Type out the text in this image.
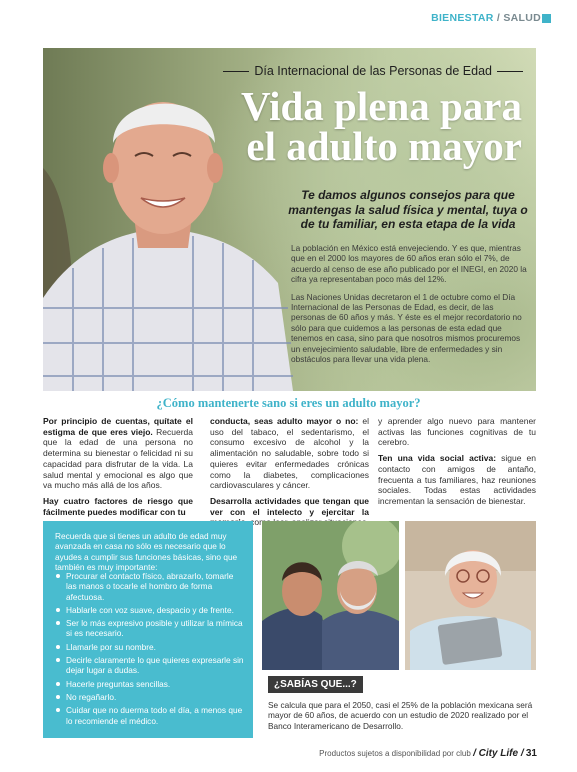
BIENESTAR / SALUD
Día Internacional de las Personas de Edad
Vida plena para
el adulto mayor
Te damos algunos consejos para que mantengas la salud física y mental, tuya o de tu familiar, en esta etapa de la vida

La población en México está envejeciendo. Y es que, mientras que en el 2000 los mayores de 60 años eran sólo el 7%, de acuerdo al censo de ese año publicado por el INEGI, en 2020 la cifra ya representaban poco más del 12%.

Las Naciones Unidas decretaron el 1 de octubre como el Día Internacional de las Personas de Edad, es decir, de las personas de 60 años y más. Y éste es el mejor recordatorio no sólo para que cuidemos a las personas de esta edad que tenemos en casa, sino para que nosotros mismos procuremos un envejecimiento saludable, libre de enfermedades y sin obstáculos para llevar una vida plena.

¿Cómo mantenerte sano si eres un adulto mayor?

Por principio de cuentas, quítate el estigma de que eres viejo. Recuerda que la edad de una persona no determina su bienestar o felicidad ni su capacidad para disfrutar de la vida. La salud mental y emocional es algo que va mucho más allá de los años.

Hay cuatro factores de riesgo que fácilmente puedes modificar con tu

conducta, seas adulto mayor o no: el uso del tabaco, el sedentarismo, el consumo excesivo de alcohol y la alimentación no saludable, sobre todo si quieres evitar enfermedades crónicas como la diabetes, complicaciones cardiovasculares y cáncer.

Desarrolla actividades que tengan que ver con el intelecto y ejercitar la como

y aprender algo nuevo para mantener activas las funciones cognitivas de tu cerebro.

Ten una vida social activa: sigue en contacto con amigos de antaño, frecuenta a tus familiares, haz reuniones sociales. Todas estas actividades incrementan la sensación de bienestar.

Recuerda que si tienes un adulto de edad muy avanzada en casa no sólo es necesario que lo ayudes a cumplir sus funciones básicas, sino que también es muy importante:
Procurar el contacto físico, abrazarlo, tomarle las manos o tocarle el hombro de forma afectuosa.
Hablarle con voz suave, despacio y de frente.
Ser lo más expresivo posible y utilizar la mímica si es necesario.
Llamarle por su nombre.
Decirle claramente lo que quieres expresarle sin dejar lugar a dudas.
Hacerle preguntas sencillas.
No regañarlo.
Cuidar que no duerma todo el día, a menos que lo recomiende el médico.
¿SABÍAS QUE...?
Se calcula que para el 2050, casi el 25% de la población mexicana será mayor de 60 años, de acuerdo con un estudio de 2020 realizado por el Banco Interamericano de Desarrollo.
Productos sujetos a disponibilidad por club / City Life / 31
